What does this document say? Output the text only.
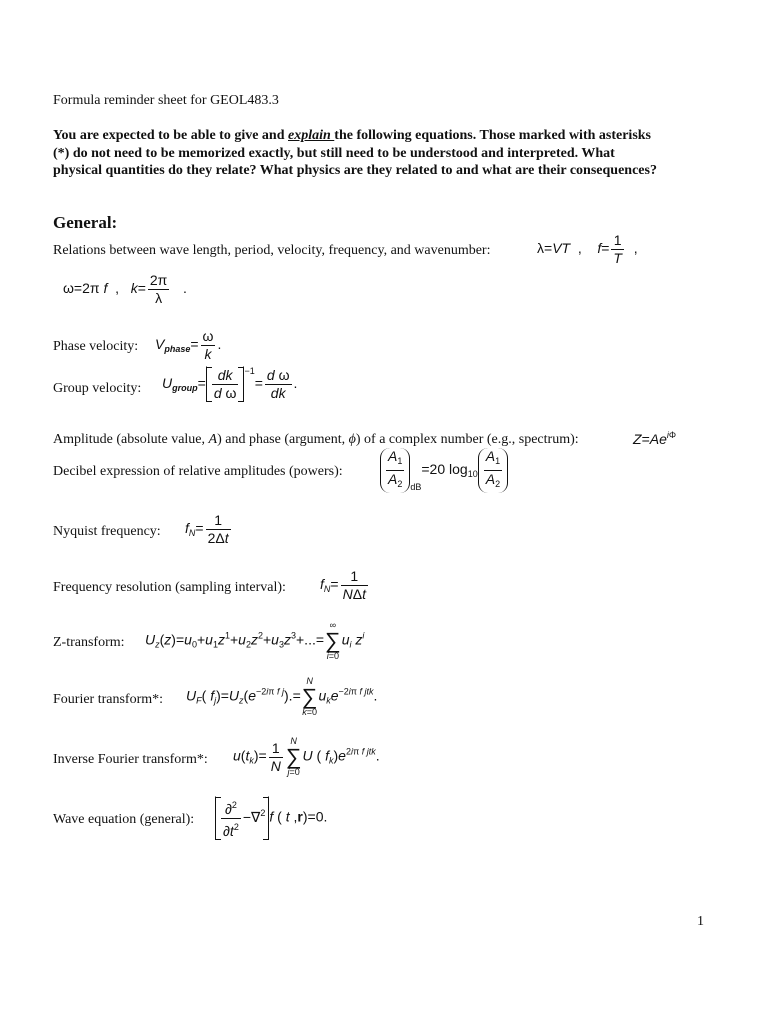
Formula reminder sheet for GEOL483.3
You are expected to be able to give and explain the following equations. Those marked with asterisks
(*) do not need to be memorized exactly, but still need to be understood and interpreted. What
physical quantities do they relate? What physics are they related to and what are their consequences?
General:
Relations between wave length, period, velocity, frequency, and wavenumber:	λ=VT  ,    $f= \frac{1}{T}$ ,
ω=2π f  ,   $k= \frac{2\pi}{\lambda}$ .
Phase velocity: $V_{phase}= \frac{\omega}{k}$ .
Group velocity: $U_{group}= \frac{dk}{\text{d ω}} ^{-1}= \frac{\text{d ω}}{dk}$ .
Amplitude (absolute value, A) and phase (argument, ϕ) of a complex number (e.g., spectrum):	$Z=Ae^{i\Phi}$
Decibel expression of relative amplitudes (powers):	$\frac{A_1}{A_2} _{dB}=20$ $\log_{10} \frac{A_1}{A_2}$
Nyquist frequency: $f_N= \frac{1}{2\Delta t}$
Frequency resolution (sampling interval): $f_N= \frac{1}{\text{NΔt}}$
Z-transform: $U_z(z)=u_0+u_1z^1+u_2z^2+u_3z^3+...=$
∞
∑
i=0
$u_i$ $z^i$
Fourier transform*: $U_F$( $f_j)=U_z(e^{-2i\pi f j}).=$
N
∑
k=0
$u_ke^{-2i\pi f jtk}$.
Inverse Fourier transform*: $u(t_k)= \frac{1}{N}$ N
∑
j=0
U ( $f_k)e^{2i\pi f jtk}$.
Wave equation (general): $\frac{\partial^2}{\partial t^2} -\nabla^2$ f ( t ,r)=0.
1
